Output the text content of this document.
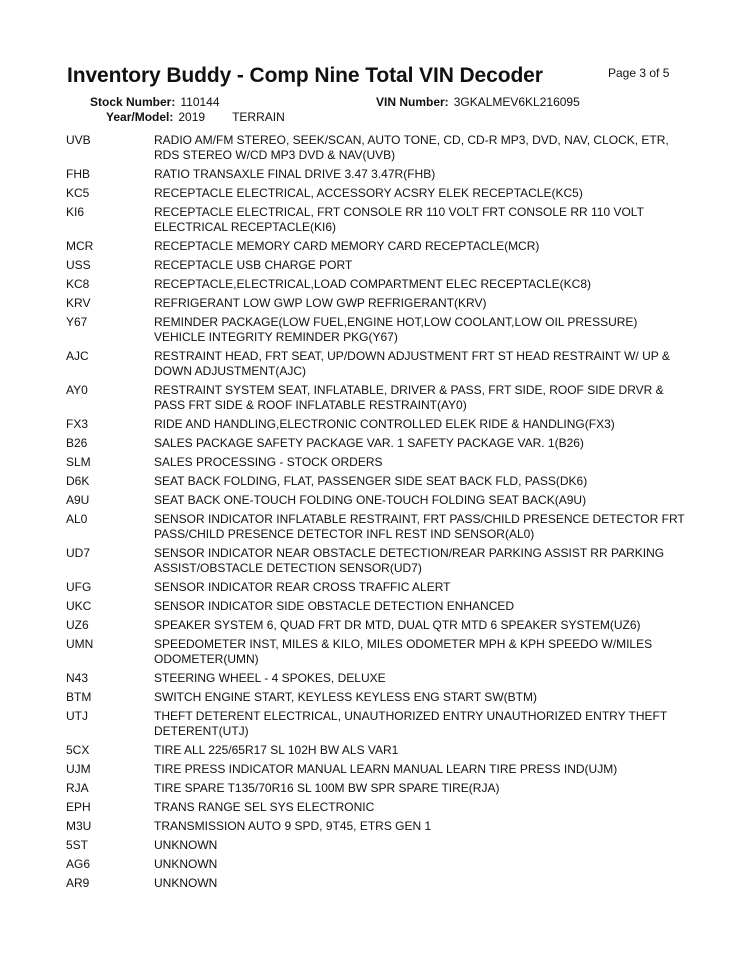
Inventory Buddy - Comp Nine Total VIN Decoder	Page 3 of 5
Stock Number: 110144	VIN Number: 3GKALMEV6KL216095
Year/Model: 2019 TERRAIN
UVB	RADIO AM/FM STEREO, SEEK/SCAN, AUTO TONE, CD, CD-R MP3, DVD, NAV, CLOCK, ETR, RDS STEREO W/CD MP3 DVD & NAV(UVB)
FHB	RATIO TRANSAXLE FINAL DRIVE 3.47 3.47R(FHB)
KC5	RECEPTACLE ELECTRICAL, ACCESSORY ACSRY ELEK RECEPTACLE(KC5)
KI6	RECEPTACLE ELECTRICAL, FRT CONSOLE RR 110 VOLT FRT CONSOLE RR 110 VOLT ELECTRICAL RECEPTACLE(KI6)
MCR	RECEPTACLE MEMORY CARD MEMORY CARD RECEPTACLE(MCR)
USS	RECEPTACLE USB CHARGE PORT
KC8	RECEPTACLE,ELECTRICAL,LOAD COMPARTMENT ELEC RECEPTACLE(KC8)
KRV	REFRIGERANT LOW GWP LOW GWP REFRIGERANT(KRV)
Y67	REMINDER PACKAGE(LOW FUEL,ENGINE HOT,LOW COOLANT,LOW OIL PRESSURE) VEHICLE INTEGRITY REMINDER PKG(Y67)
AJC	RESTRAINT HEAD, FRT SEAT, UP/DOWN ADJUSTMENT FRT ST HEAD RESTRAINT W/ UP & DOWN ADJUSTMENT(AJC)
AY0	RESTRAINT SYSTEM SEAT, INFLATABLE, DRIVER & PASS, FRT SIDE, ROOF SIDE DRVR & PASS FRT SIDE & ROOF INFLATABLE RESTRAINT(AY0)
FX3	RIDE AND HANDLING,ELECTRONIC CONTROLLED ELEK RIDE & HANDLING(FX3)
B26	SALES PACKAGE SAFETY PACKAGE VAR. 1 SAFETY PACKAGE VAR. 1(B26)
SLM	SALES PROCESSING - STOCK ORDERS
D6K	SEAT BACK FOLDING, FLAT, PASSENGER SIDE SEAT BACK FLD, PASS(DK6)
A9U	SEAT BACK ONE-TOUCH FOLDING ONE-TOUCH FOLDING SEAT BACK(A9U)
AL0	SENSOR INDICATOR INFLATABLE RESTRAINT, FRT PASS/CHILD PRESENCE DETECTOR FRT PASS/CHILD PRESENCE DETECTOR INFL REST IND SENSOR(AL0)
UD7	SENSOR INDICATOR NEAR OBSTACLE DETECTION/REAR PARKING ASSIST RR PARKING ASSIST/OBSTACLE DETECTION SENSOR(UD7)
UFG	SENSOR INDICATOR REAR CROSS TRAFFIC ALERT
UKC	SENSOR INDICATOR SIDE OBSTACLE DETECTION ENHANCED
UZ6	SPEAKER SYSTEM 6, QUAD FRT DR MTD, DUAL QTR MTD 6 SPEAKER SYSTEM(UZ6)
UMN	SPEEDOMETER INST, MILES & KILO, MILES ODOMETER MPH & KPH SPEEDO W/MILES ODOMETER(UMN)
N43	STEERING WHEEL - 4 SPOKES, DELUXE
BTM	SWITCH ENGINE START, KEYLESS KEYLESS ENG START SW(BTM)
UTJ	THEFT DETERENT ELECTRICAL, UNAUTHORIZED ENTRY UNAUTHORIZED ENTRY THEFT DETERENT(UTJ)
5CX	TIRE ALL 225/65R17 SL 102H BW ALS VAR1
UJM	TIRE PRESS INDICATOR MANUAL LEARN MANUAL LEARN TIRE PRESS IND(UJM)
RJA	TIRE SPARE T135/70R16 SL 100M BW SPR SPARE TIRE(RJA)
EPH	TRANS RANGE SEL SYS ELECTRONIC
M3U	TRANSMISSION AUTO 9 SPD, 9T45, ETRS GEN 1
5ST	UNKNOWN
AG6	UNKNOWN
AR9	UNKNOWN
